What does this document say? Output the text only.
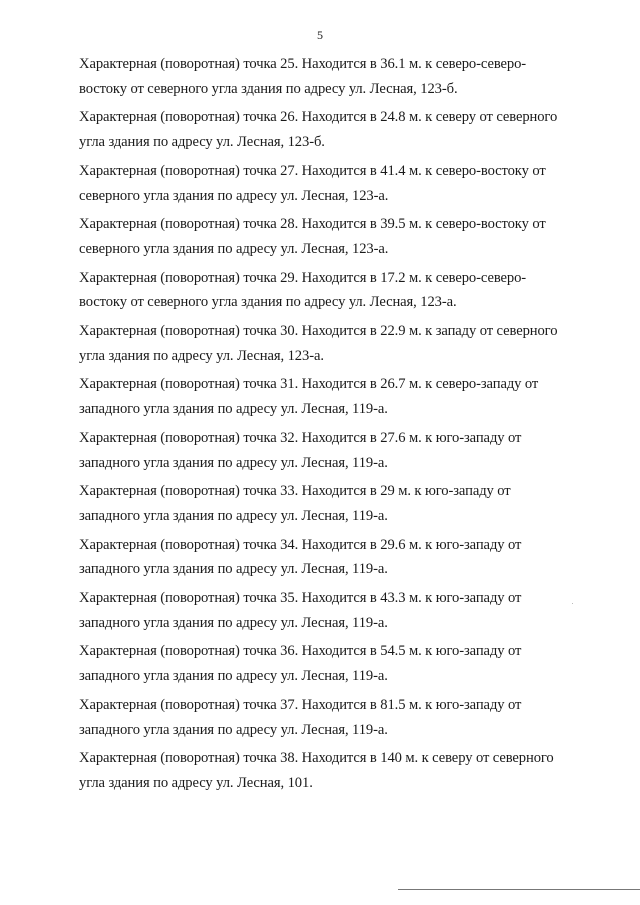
5
Характерная (поворотная) точка 25. Находится в 36.1 м. к северо-северо-
востоку от северного угла здания по адресу ул. Лесная, 123-б.
Характерная (поворотная) точка 26. Находится в 24.8 м. к северу от северного
угла здания по адресу ул. Лесная, 123-б.
Характерная (поворотная) точка 27. Находится в 41.4 м. к северо-востоку от
северного угла здания по адресу ул. Лесная, 123-а.
Характерная (поворотная) точка 28. Находится в 39.5 м. к северо-востоку от
северного угла здания по адресу ул. Лесная, 123-а.
Характерная (поворотная) точка 29. Находится в 17.2 м. к северо-северо-
востоку от северного угла здания по адресу ул. Лесная, 123-а.
Характерная (поворотная) точка 30. Находится в 22.9 м. к западу от северного
угла здания по адресу ул. Лесная, 123-а.
Характерная (поворотная) точка 31. Находится в 26.7 м. к северо-западу от
западного угла здания по адресу ул. Лесная, 119-а.
Характерная (поворотная) точка 32. Находится в 27.6 м. к юго-западу от
западного угла здания по адресу ул. Лесная, 119-а.
Характерная (поворотная) точка 33. Находится в 29 м. к юго-западу от
западного угла здания по адресу ул. Лесная, 119-а.
Характерная (поворотная) точка 34. Находится в 29.6 м. к юго-западу от
западного угла здания по адресу ул. Лесная, 119-а.
Характерная (поворотная) точка 35. Находится в 43.3 м. к юго-западу от
западного угла здания по адресу ул. Лесная, 119-а.
Характерная (поворотная) точка 36. Находится в 54.5 м. к юго-западу от
западного угла здания по адресу ул. Лесная, 119-а.
Характерная (поворотная) точка 37. Находится в 81.5 м. к юго-западу от
западного угла здания по адресу ул. Лесная, 119-а.
Характерная (поворотная) точка 38. Находится в 140 м. к северу от северного
угла здания по адресу ул. Лесная, 101.
